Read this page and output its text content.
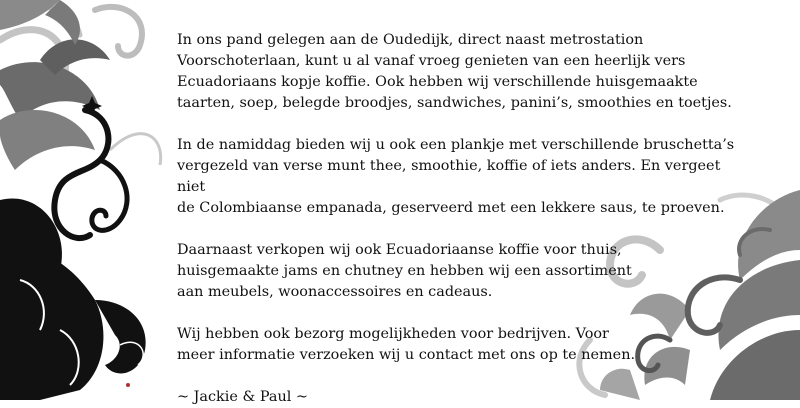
In ons pand gelegen aan de Oudedijk, direct naast metrostation
Voorschoterlaan, kunt u al vanaf vroeg genieten van een heerlijk vers
Ecuadoriaans kopje koffie. Ook hebben wij verschillende huisgemaakte
taarten, soep, belegde broodjes, sandwiches, panini’s, smoothies en toetjes.

In de namiddag bieden wij u ook een plankje met verschillende bruschetta’s
vergezeld van verse munt thee, smoothie, koffie of iets anders. En vergeet niet
de Colombiaanse empanada, geserveerd met een lekkere saus, te proeven.

Daarnaast verkopen wij ook Ecuadoriaanse koffie voor thuis,
huisgemaakte jams en chutney en hebben wij een assortiment
aan meubels, woonaccessoires en cadeaus.

Wij hebben ook bezorg mogelijkheden voor bedrijven. Voor
meer informatie verzoeken wij u contact met ons op te nemen.

~ Jackie & Paul ~
